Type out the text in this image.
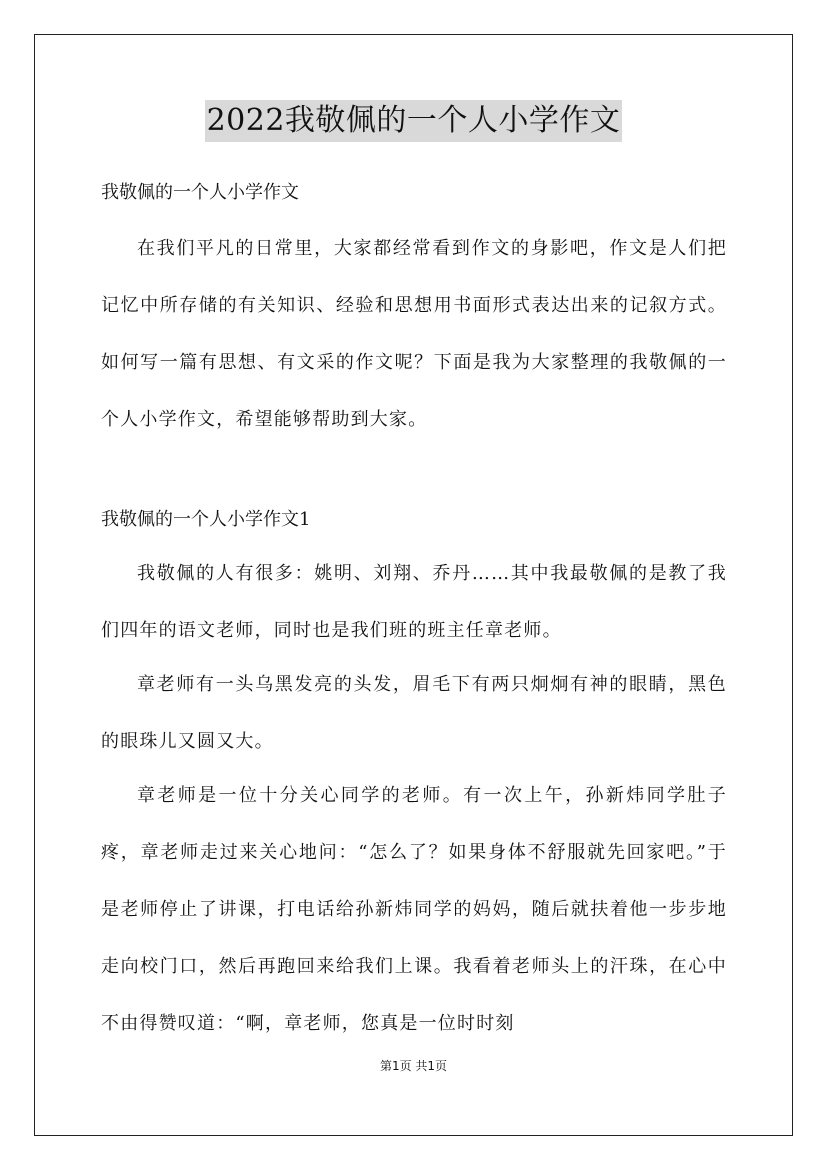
2022我敬佩的一个人小学作文
我敬佩的一个人小学作文

在我们平凡的日常里，大家都经常看到作文的身影吧，作文是人们把记忆中所存储的有关知识、经验和思想用书面形式表达出来的记叙方式。如何写一篇有思想、有文采的作文呢？下面是我为大家整理的我敬佩的一个人小学作文，希望能够帮助到大家。

我敬佩的一个人小学作文1

我敬佩的人有很多：姚明、刘翔、乔丹……其中我最敬佩的是教了我们四年的语文老师，同时也是我们班的班主任章老师。

章老师有一头乌黑发亮的头发，眉毛下有两只炯炯有神的眼睛，黑色的眼珠儿又圆又大。

章老师是一位十分关心同学的老师。有一次上午，孙新炜同学肚子疼，章老师走过来关心地问：“怎么了？如果身体不舒服就先回家吧。”于是老师停止了讲课，打电话给孙新炜同学的妈妈，随后就扶着他一步步地走向校门口，然后再跑回来给我们上课。我看着老师头上的汗珠，在心中不由得赞叹道：“啊，章老师，您真是一位时时刻

第1页 共1页
